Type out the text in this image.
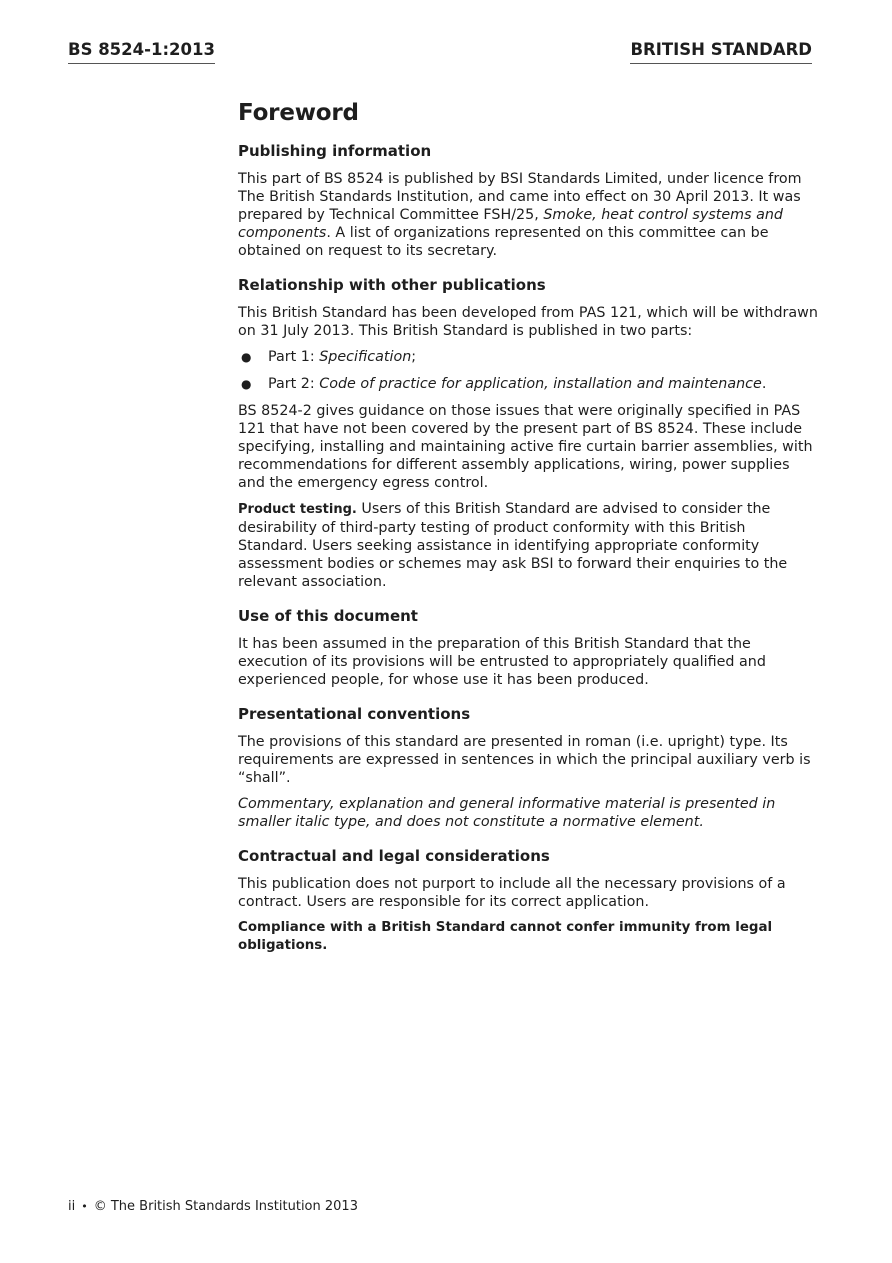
BS 8524-1:2013	BRITISH STANDARD
Foreword
Publishing information

This part of BS 8524 is published by BSI Standards Limited, under licence from The British Standards Institution, and came into effect on 30 April 2013. It was prepared by Technical Committee FSH/25, Smoke, heat control systems and components. A list of organizations represented on this committee can be obtained on request to its secretary.

Relationship with other publications

This British Standard has been developed from PAS 121, which will be withdrawn on 31 July 2013. This British Standard is published in two parts:

● Part 1: Specification;
● Part 2: Code of practice for application, installation and maintenance.

BS 8524-2 gives guidance on those issues that were originally specified in PAS 121 that have not been covered by the present part of BS 8524. These include specifying, installing and maintaining active fire curtain barrier assemblies, with recommendations for different assembly applications, wiring, power supplies and the emergency egress control.

Product testing. Users of this British Standard are advised to consider the desirability of third-party testing of product conformity with this British Standard. Users seeking assistance in identifying appropriate conformity assessment bodies or schemes may ask BSI to forward their enquiries to the relevant association.

Use of this document

It has been assumed in the preparation of this British Standard that the execution of its provisions will be entrusted to appropriately qualified and experienced people, for whose use it has been produced.

Presentational conventions

The provisions of this standard are presented in roman (i.e. upright) type. Its requirements are expressed in sentences in which the principal auxiliary verb is “shall”.

Commentary, explanation and general informative material is presented in smaller italic type, and does not constitute a normative element.

Contractual and legal considerations

This publication does not purport to include all the necessary provisions of a contract. Users are responsible for its correct application.

Compliance with a British Standard cannot confer immunity from legal obligations.

ii • © The British Standards Institution 2013
